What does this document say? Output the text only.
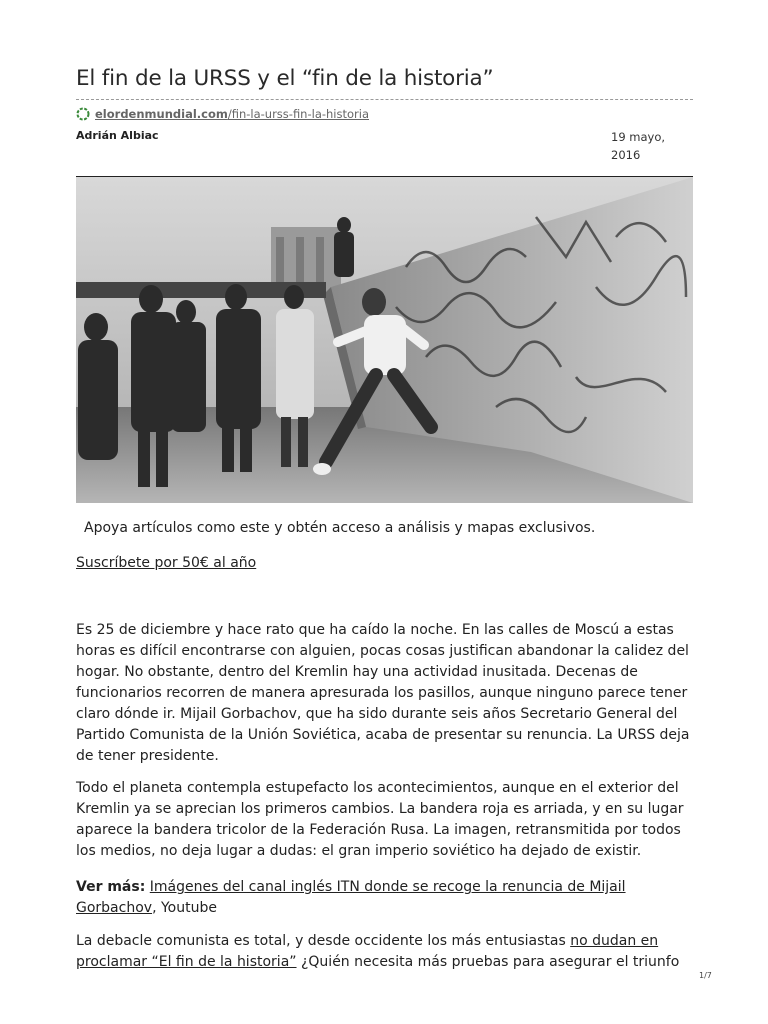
El fin de la URSS y el “fin de la historia”
elordenmundial.com /fin-la-urss-fin-la-historia
Adrián Albiac	19 mayo,
2016
Apoya artículos como este y obtén acceso a análisis y mapas exclusivos.
Suscríbete por 50€ al año

Es 25 de diciembre y hace rato que ha caído la noche. En las calles de Moscú a estas horas es difícil encontrarse con alguien, pocas cosas justifican abandonar la calidez del hogar. No obstante, dentro del Kremlin hay una actividad inusitada. Decenas de funcionarios recorren de manera apresurada los pasillos, aunque ninguno parece tener claro dónde ir. Mijail Gorbachov, que ha sido durante seis años Secretario General del Partido Comunista de la Unión Soviética, acaba de presentar su renuncia. La URSS deja de tener presidente.

Todo el planeta contempla estupefacto los acontecimientos, aunque en el exterior del Kremlin ya se aprecian los primeros cambios. La bandera roja es arriada, y en su lugar aparece la bandera tricolor de la Federación Rusa. La imagen, retransmitida por todos los medios, no deja lugar a dudas: el gran imperio soviético ha dejado de existir.

Ver más: Imágenes del canal inglés ITN donde se recoge la renuncia de Mijail Gorbachov, Youtube

La debacle comunista es total, y desde occidente los más entusiastas no dudan en proclamar “El fin de la historia” ¿Quién necesita más pruebas para asegurar el triunfo

1/7
